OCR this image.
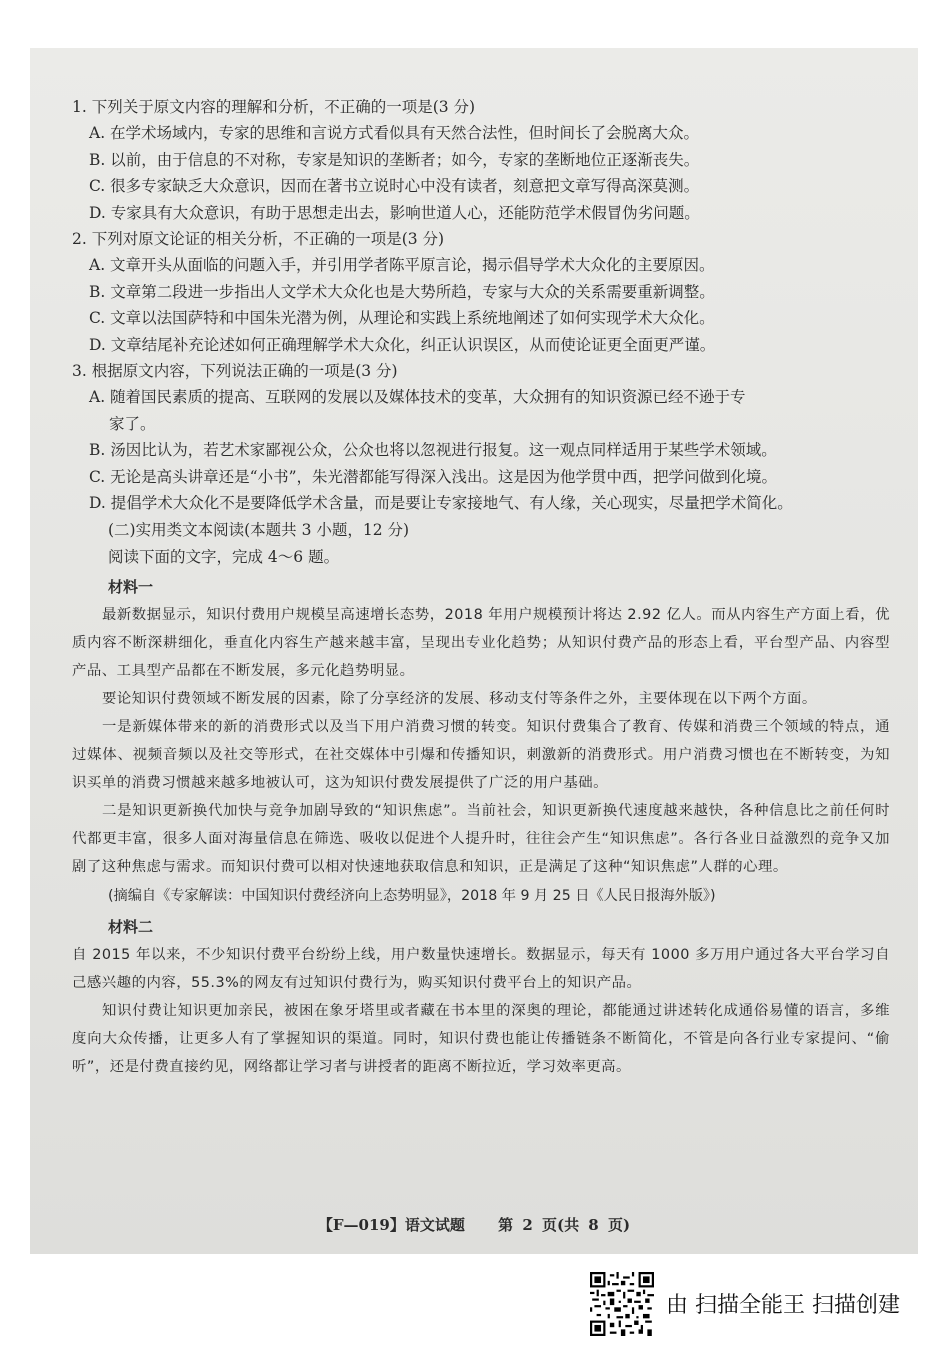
1. 下列关于原文内容的理解和分析，不正确的一项是(3 分)

A. 在学术场域内，专家的思维和言说方式看似具有天然合法性，但时间长了会脱离大众。

B. 以前，由于信息的不对称，专家是知识的垄断者；如今，专家的垄断地位正逐渐丧失。

C. 很多专家缺乏大众意识，因而在著书立说时心中没有读者，刻意把文章写得高深莫测。

D. 专家具有大众意识，有助于思想走出去，影响世道人心，还能防范学术假冒伪劣问题。

2. 下列对原文论证的相关分析，不正确的一项是(3 分)

A. 文章开头从面临的问题入手，并引用学者陈平原言论，揭示倡导学术大众化的主要原因。

B. 文章第二段进一步指出人文学术大众化也是大势所趋，专家与大众的关系需要重新调整。

C. 文章以法国萨特和中国朱光潜为例，从理论和实践上系统地阐述了如何实现学术大众化。

D. 文章结尾补充论述如何正确理解学术大众化，纠正认识误区，从而使论证更全面更严谨。

3. 根据原文内容，下列说法正确的一项是(3 分)

A. 随着国民素质的提高、互联网的发展以及媒体技术的变革，大众拥有的知识资源已经不逊于专

家了。

B. 汤因比认为，若艺术家鄙视公众，公众也将以忽视进行报复。这一观点同样适用于某些学术领域。

C. 无论是高头讲章还是“小书”，朱光潜都能写得深入浅出。这是因为他学贯中西，把学问做到化境。

D. 提倡学术大众化不是要降低学术含量，而是要让专家接地气、有人缘，关心现实，尽量把学术简化。

(二)实用类文本阅读(本题共 3 小题，12 分)

阅读下面的文字，完成 4～6 题。

材料一

最新数据显示，知识付费用户规模呈高速增长态势，2018 年用户规模预计将达 2.92 亿人。而从内容生产方面上看，优质内容不断深耕细化，垂直化内容生产越来越丰富，呈现出专业化趋势；从知识付费产品的形态上看，平台型产品、内容型产品、工具型产品都在不断发展，多元化趋势明显。

要论知识付费领域不断发展的因素，除了分享经济的发展、移动支付等条件之外，主要体现在以下两个方面。

一是新媒体带来的新的消费形式以及当下用户消费习惯的转变。知识付费集合了教育、传媒和消费三个领域的特点，通过媒体、视频音频以及社交等形式，在社交媒体中引爆和传播知识，刺激新的消费形式。用户消费习惯也在不断转变，为知识买单的消费习惯越来越多地被认可，这为知识付费发展提供了广泛的用户基础。

二是知识更新换代加快与竞争加剧导致的“知识焦虑”。当前社会，知识更新换代速度越来越快，各种信息比之前任何时代都更丰富，很多人面对海量信息在筛选、吸收以促进个人提升时，往往会产生“知识焦虑”。各行各业日益激烈的竞争又加剧了这种焦虑与需求。而知识付费可以相对快速地获取信息和知识，正是满足了这种“知识焦虑”人群的心理。

(摘编自《专家解读：中国知识付费经济向上态势明显》，2018 年 9 月 25 日《人民日报海外版》)

材料二

自 2015 年以来，不少知识付费平台纷纷上线，用户数量快速增长。数据显示，每天有 1000 多万用户通过各大平台学习自己感兴趣的内容，55.3%的网友有过知识付费行为，购买知识付费平台上的知识产品。

知识付费让知识更加亲民，被困在象牙塔里或者藏在书本里的深奥的理论，都能通过讲述转化成通俗易懂的语言，多维度向大众传播，让更多人有了掌握知识的渠道。同时，知识付费也能让传播链条不断简化，不管是向各行业专家提问、“偷听”，还是付费直接约见，网络都让学习者与讲授者的距离不断拉近，学习效率更高。

【F—019】语文试题 第 2 页(共 8 页)
由 扫描全能王 扫描创建
